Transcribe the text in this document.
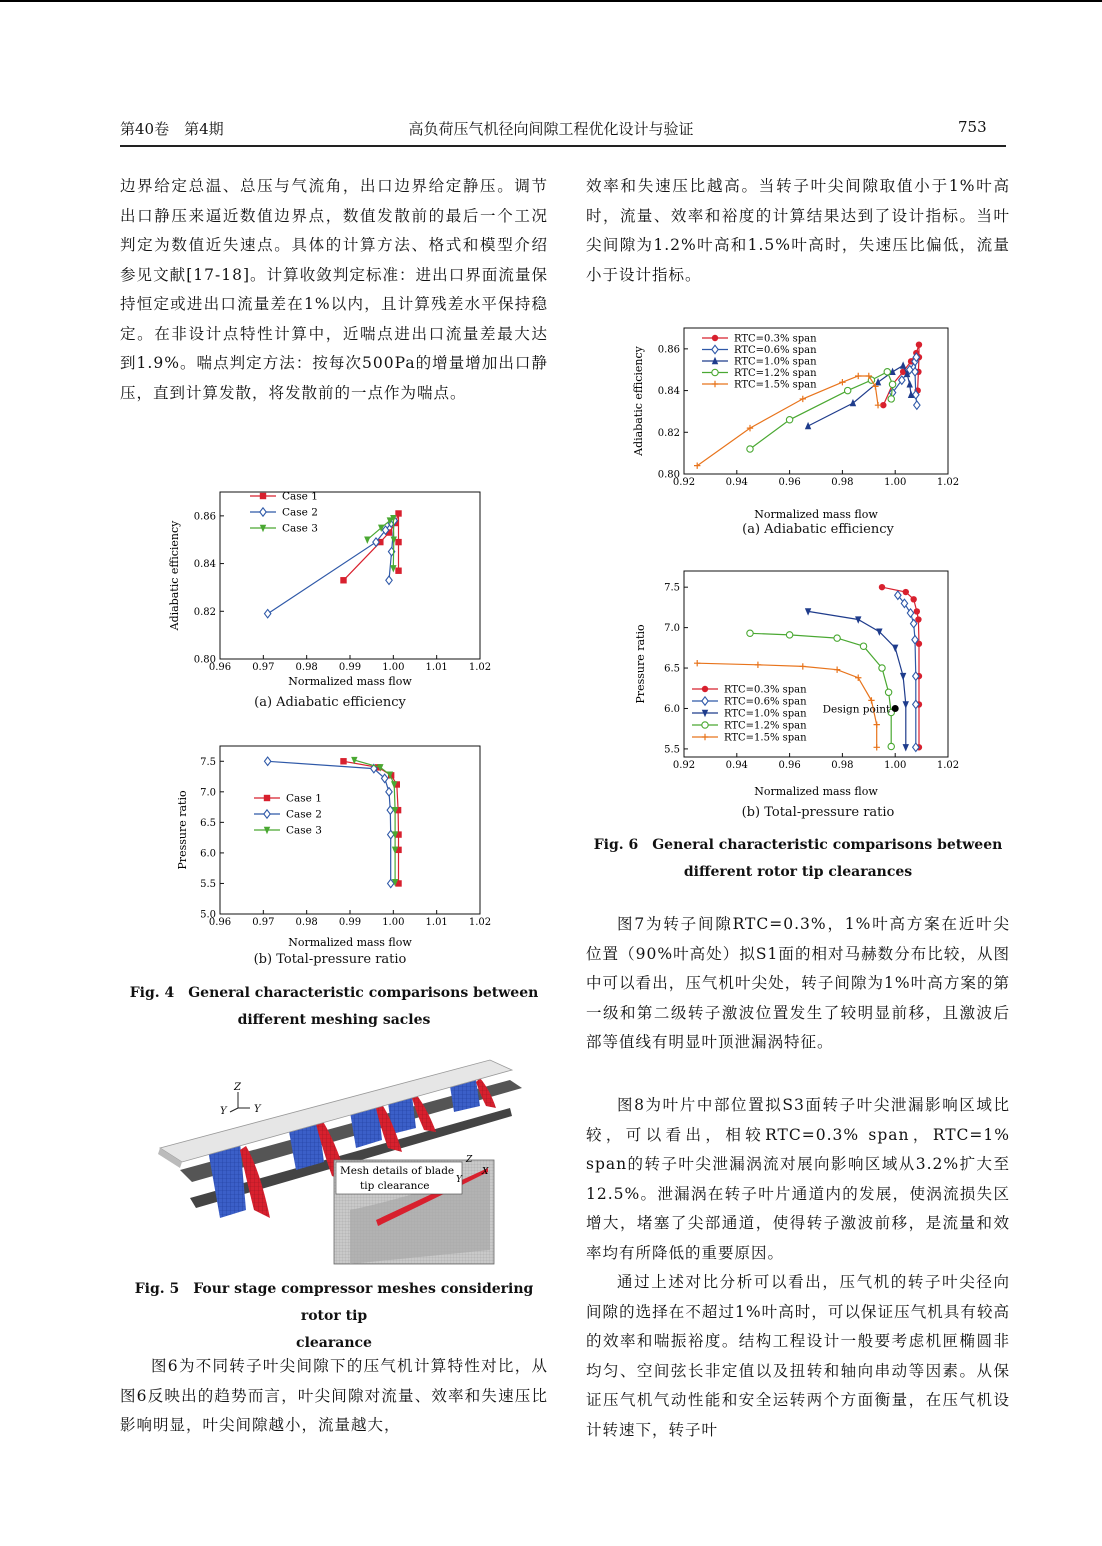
第40卷　第4期	高负荷压气机径向间隙工程优化设计与验证	753

边界给定总温、总压与气流角，出口边界给定静压。调节出口静压来逼近数值边界点，数值发散前的最后一个工况判定为数值近失速点。具体的计算方法、格式和模型介绍参见文献[17-18]。计算收敛判定标准：进出口界面流量保持恒定或进出口流量差在1%以内，且计算残差水平保持稳定。在非设计点特性计算中，近喘点进出口流量差最大达到1.9%。喘点判定方法：按每次500Pa的增量增加出口静压，直到计算发散，将发散前的一点作为喘点。

效率和失速压比越高。当转子叶尖间隙取值小于1%叶高时，流量、效率和裕度的计算结果达到了设计指标。当叶尖间隙为1.2%叶高和1.5%叶高时，失速压比偏低，流量小于设计指标。

0.92	0.94	0.96	0.98	1.00	1.02
0.80
0.82
0.84
0.86
Normalized mass flow
Adiabatic efficiency
RTC=0.3% span
RTC=0.6% span
RTC=1.0% span
RTC=1.2% span
RTC=1.5% span
(a) Adiabatic efficiency
0.92	0.94	0.96	0.98	1.00	1.02
5.5
6.0
6.5
7.0
7.5
Normalized mass flow
Pressure ratio	RTC=0.3% span
RTC=0.6% span
RTC=1.0% span
RTC=1.2% span
RTC=1.5% span
Design point
(b) Total-pressure ratio
Fig. 6　General characteristic comparisons between
different rotor tip clearances

图7为转子间隙RTC=0.3%，1%叶高方案在近叶尖位置（90%叶高处）拟S1面的相对马赫数分布比较，从图中可以看出，压气机叶尖处，转子间隙为1%叶高方案的第一级和第二级转子激波位置发生了较明显前移，且激波后部等值线有明显叶顶泄漏涡特征。

图8为叶片中部位置拟S3面转子叶尖泄漏影响区域比较，可以看出，相较RTC=0.3% span，RTC=1% span的转子叶尖泄漏涡流对展向影响区域从3.2%扩大至12.5%。泄漏涡在转子叶片通道内的发展，使涡流损失区增大，堵塞了尖部通道，使得转子激波前移，是流量和效率均有所降低的重要原因。

通过上述对比分析可以看出，压气机的转子叶尖径向间隙的选择在不超过1%叶高时，可以保证压气机具有较高的效率和喘振裕度。结构工程设计一般要考虑机匣椭圆非均匀、空间弦长非定值以及扭转和轴向串动等因素。从保证压气机气动性能和安全运转两个方面衡量，在压气机设计转速下，转子叶

0.96 0.97 0.98 0.99 1.00 1.01 1.02
0.80
0.82
0.84
0.86
Normalized mass flow
Adiabatic efficiency
Case 1
Case 2
Case 3
(a) Adiabatic efficiency
0.96 0.97 0.98 0.99 1.00 1.01 1.02
5.0
5.5
6.0
6.5
7.0
7.5
Normalized mass flow
Pressure ratio	Case 1
Case 2
Case 3
(b) Total-pressure ratio
Fig. 4　General characteristic comparisons between
different meshing sacles
Z
Y	Y
Mesh details of blade
tip clearance
Z
X
Y
Fig. 5　Four stage compressor meshes considering rotor tip
clearance

图6为不同转子叶尖间隙下的压气机计算特性对比，从图6反映出的趋势而言，叶尖间隙对流量、效率和失速压比影响明显，叶尖间隙越小，流量越大，
